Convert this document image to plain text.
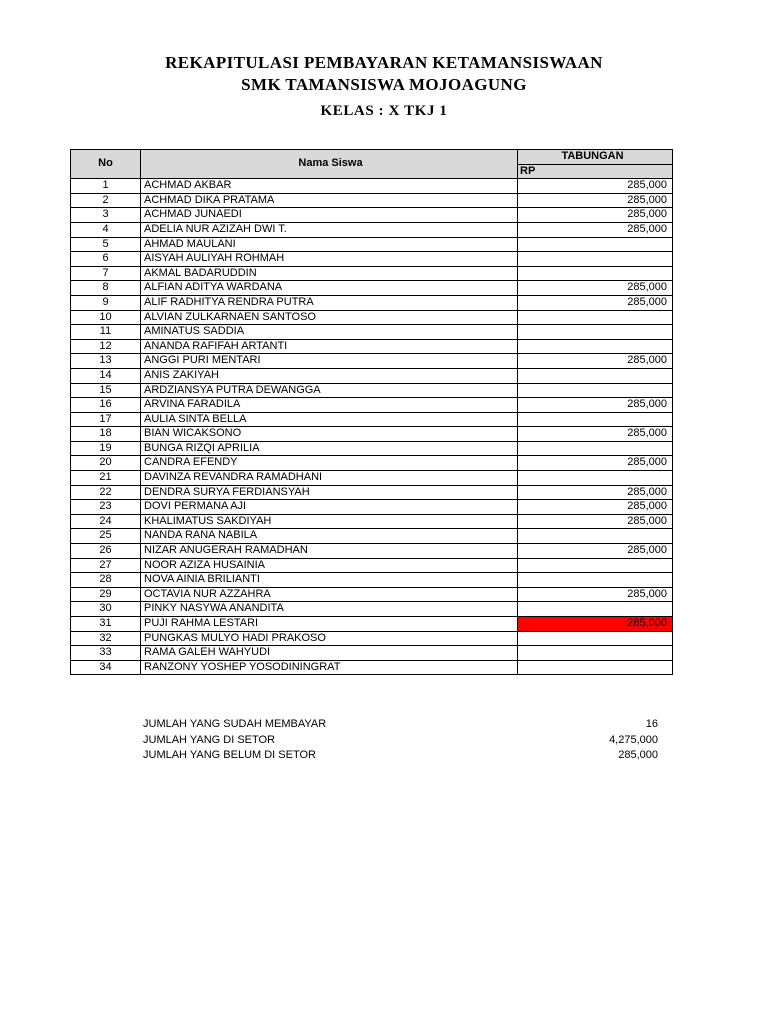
REKAPITULASI PEMBAYARAN KETAMANSISWAAN
SMK TAMANSISWA MOJOAGUNG
KELAS : X TKJ 1
No	Nama Siswa	TABUNGAN
		RP
1	ACHMAD AKBAR	285,000
2	ACHMAD DIKA PRATAMA	285,000
3	ACHMAD JUNAEDI	285,000
4	ADELIA NUR AZIZAH DWI T.	285,000
5	AHMAD MAULANI	
6	AISYAH AULIYAH ROHMAH	
7	AKMAL BADARUDDIN	
8	ALFIAN ADITYA WARDANA	285,000
9	ALIF RADHITYA RENDRA PUTRA	285,000
10	ALVIAN ZULKARNAEN SANTOSO	
11	AMINATUS SADDIA	
12	ANANDA RAFIFAH ARTANTI	
13	ANGGI PURI MENTARI	285,000
14	ANIS ZAKIYAH	
15	ARDZIANSYA PUTRA DEWANGGA	
16	ARVINA FARADILA	285,000
17	AULIA SINTA BELLA	
18	BIAN WICAKSONO	285,000
19	BUNGA RIZQI APRILIA	
20	CANDRA EFENDY	285,000
21	DAVINZA REVANDRA RAMADHANI	
22	DENDRA SURYA FERDIANSYAH	285,000
23	DOVI PERMANA AJI	285,000
24	KHALIMATUS SAKDIYAH	285,000
25	NANDA RANA NABILA	
26	NIZAR ANUGERAH RAMADHAN	285,000
27	NOOR AZIZA HUSAINIA	
28	NOVA AINIA BRILIANTI	
29	OCTAVIA NUR AZZAHRA	285,000
30	PINKY NASYWA ANANDITA	
31	PUJI RAHMA LESTARI	285,000
32	PUNGKAS MULYO HADI PRAKOSO	
33	RAMA GALEH WAHYUDI	
34	RANZONY YOSHEP YOSODININGRAT	
JUMLAH YANG SUDAH MEMBAYAR	16
JUMLAH YANG DI SETOR	4,275,000
JUMLAH YANG BELUM DI SETOR	285,000
